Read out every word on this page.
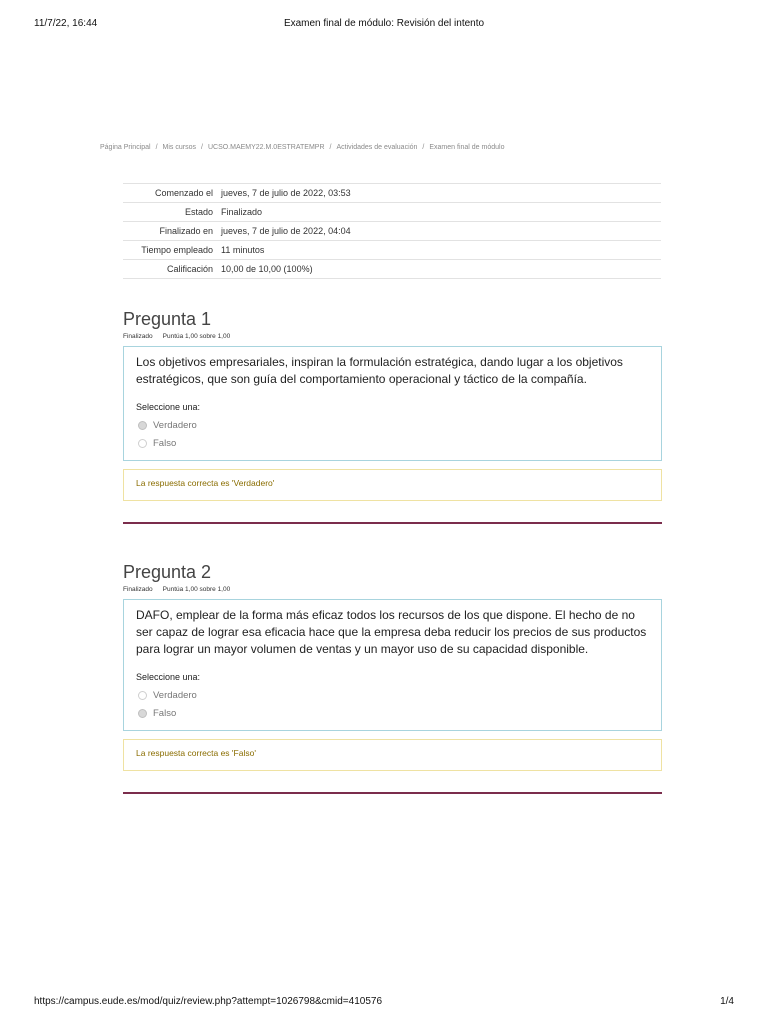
11/7/22, 16:44	Examen final de módulo: Revisión del intento
Página Principal / Mis cursos / UCSO.MAEMY22.M.0ESTRATEMPR / Actividades de evaluación / Examen final de módulo
Comenzado el	jueves, 7 de julio de 2022, 03:53
Estado	Finalizado
Finalizado en	jueves, 7 de julio de 2022, 04:04
Tiempo empleado	11 minutos
Calificación	10,00 de 10,00 (100%)
Pregunta 1
Finalizado Puntúa 1,00 sobre 1,00
Los objetivos empresariales, inspiran la formulación estratégica, dando lugar a los objetivos estratégicos, que son guía del comportamiento operacional y táctico de la compañía.
Seleccione una:
Verdadero
Falso
La respuesta correcta es 'Verdadero'
Pregunta 2
Finalizado Puntúa 1,00 sobre 1,00
DAFO, emplear de la forma más eficaz todos los recursos de los que dispone. El hecho de no ser capaz de lograr esa eficacia hace que la empresa deba reducir los precios de sus productos para lograr un mayor volumen de ventas y un mayor uso de su capacidad disponible.
Seleccione una:
Verdadero
Falso
La respuesta correcta es 'Falso'
https://campus.eude.es/mod/quiz/review.php?attempt=1026798&cmid=410576	1/4
